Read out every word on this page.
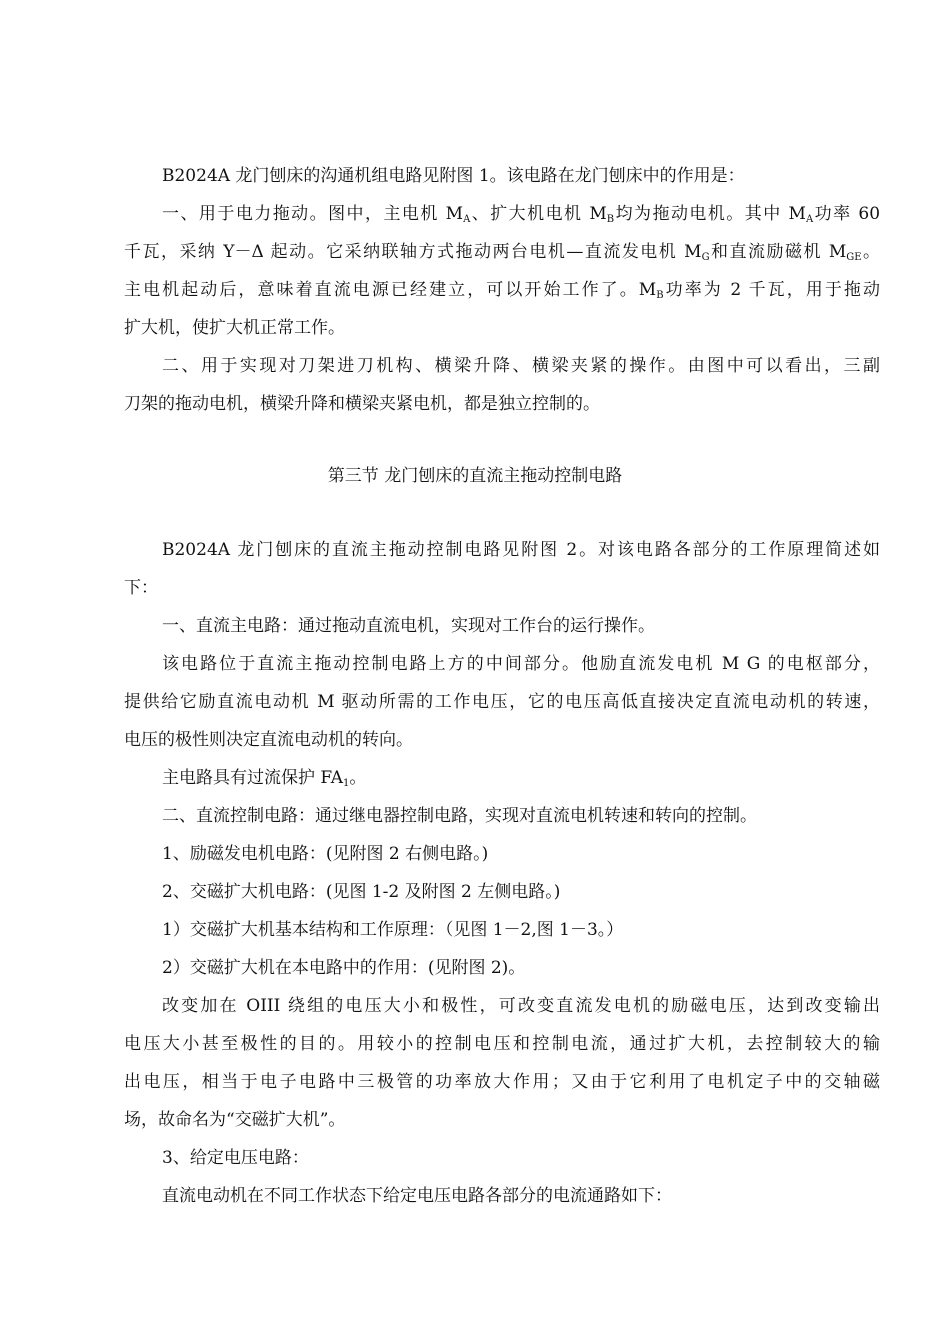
B2024A 龙门刨床的沟通机组电路见附图 1。该电路在龙门刨床中的作用是：
一、用于电力拖动。图中，主电机 $M_A$、扩大机电机 $M_B$均为拖动电机。其中 $M_A$功率 60
千瓦，采纳 Y－Δ 起动。它采纳联轴方式拖动两台电机—直流发电机 $M_G$和直流励磁机 $M_{GE}$。
主电机起动后，意味着直流电源已经建立，可以开始工作了。$M_B$功率为 2 千瓦，用于拖动
扩大机，使扩大机正常工作。
二、用于实现对刀架进刀机构、横梁升降、横梁夹紧的操作。由图中可以看出，三副
刀架的拖动电机，横梁升降和横梁夹紧电机，都是独立控制的。
第三节 龙门刨床的直流主拖动控制电路
B2024A 龙门刨床的直流主拖动控制电路见附图 2。对该电路各部分的工作原理简述如
下：
一、直流主电路：通过拖动直流电机，实现对工作台的运行操作。
该电路位于直流主拖动控制电路上方的中间部分。他励直流发电机 M G 的电枢部分，
提供给它励直流电动机 M 驱动所需的工作电压，它的电压高低直接决定直流电动机的转速，
电压的极性则决定直流电动机的转向。
主电路具有过流保护 $FA_1$。
二、直流控制电路：通过继电器控制电路，实现对直流电机转速和转向的控制。
1、励磁发电机电路：(见附图 2 右侧电路。)
2、交磁扩大机电路：(见图 1-2 及附图 2 左侧电路。)
1）交磁扩大机基本结构和工作原理：（见图 1－2,图 1－3。）
2）交磁扩大机在本电路中的作用：(见附图 2)。
改变加在 OIII 绕组的电压大小和极性，可改变直流发电机的励磁电压，达到改变输出
电压大小甚至极性的目的。用较小的控制电压和控制电流，通过扩大机，去控制较大的输
出电压，相当于电子电路中三极管的功率放大作用；又由于它利用了电机定子中的交轴磁
场，故命名为“交磁扩大机”。
3、给定电压电路：
直流电动机在不同工作状态下给定电压电路各部分的电流通路如下：
